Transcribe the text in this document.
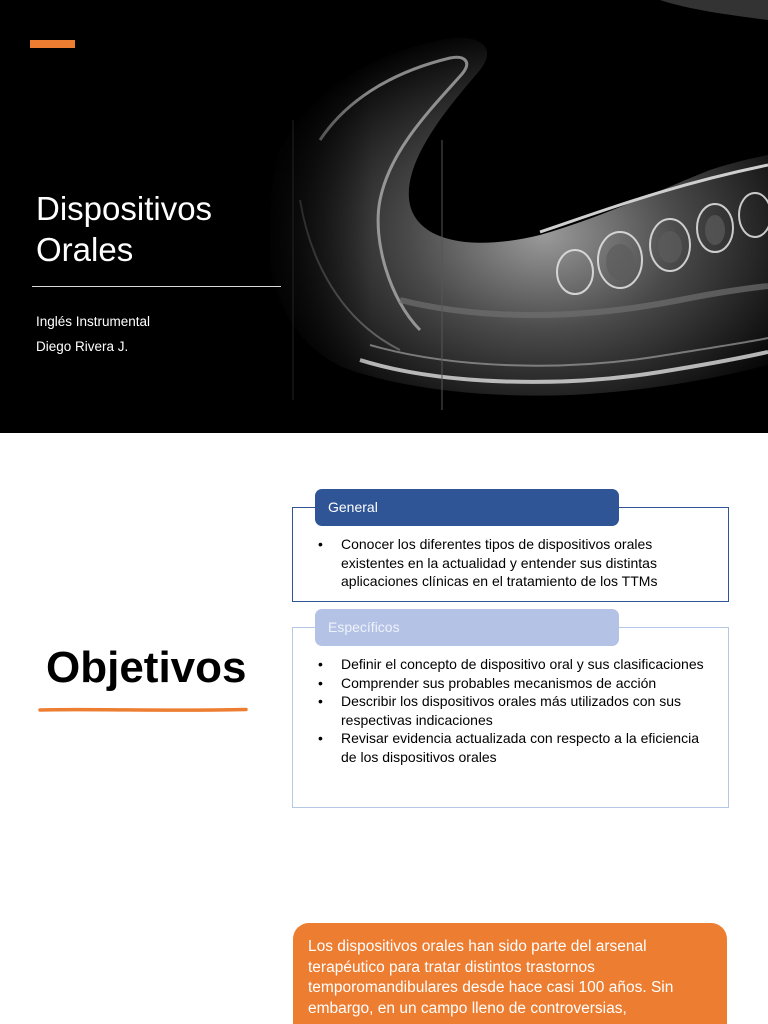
Dispositivos Orales
Inglés Instrumental
Diego Rivera J.
Objetivos
General
• Conocer los diferentes tipos de dispositivos orales existentes en la actualidad y entender sus distintas aplicaciones clínicas en el tratamiento de los TTMs
Específicos
• Definir el concepto de dispositivo oral y sus clasificaciones
• Comprender sus probables mecanismos de acción
• Describir los dispositivos orales más utilizados con sus respectivas indicaciones
• Revisar evidencia actualizada con respecto a la eficiencia de los dispositivos orales
Los dispositivos orales han sido parte del arsenal terapéutico para tratar distintos trastornos temporomandibulares desde hace casi 100 años. Sin embargo, en un campo lleno de controversias,
